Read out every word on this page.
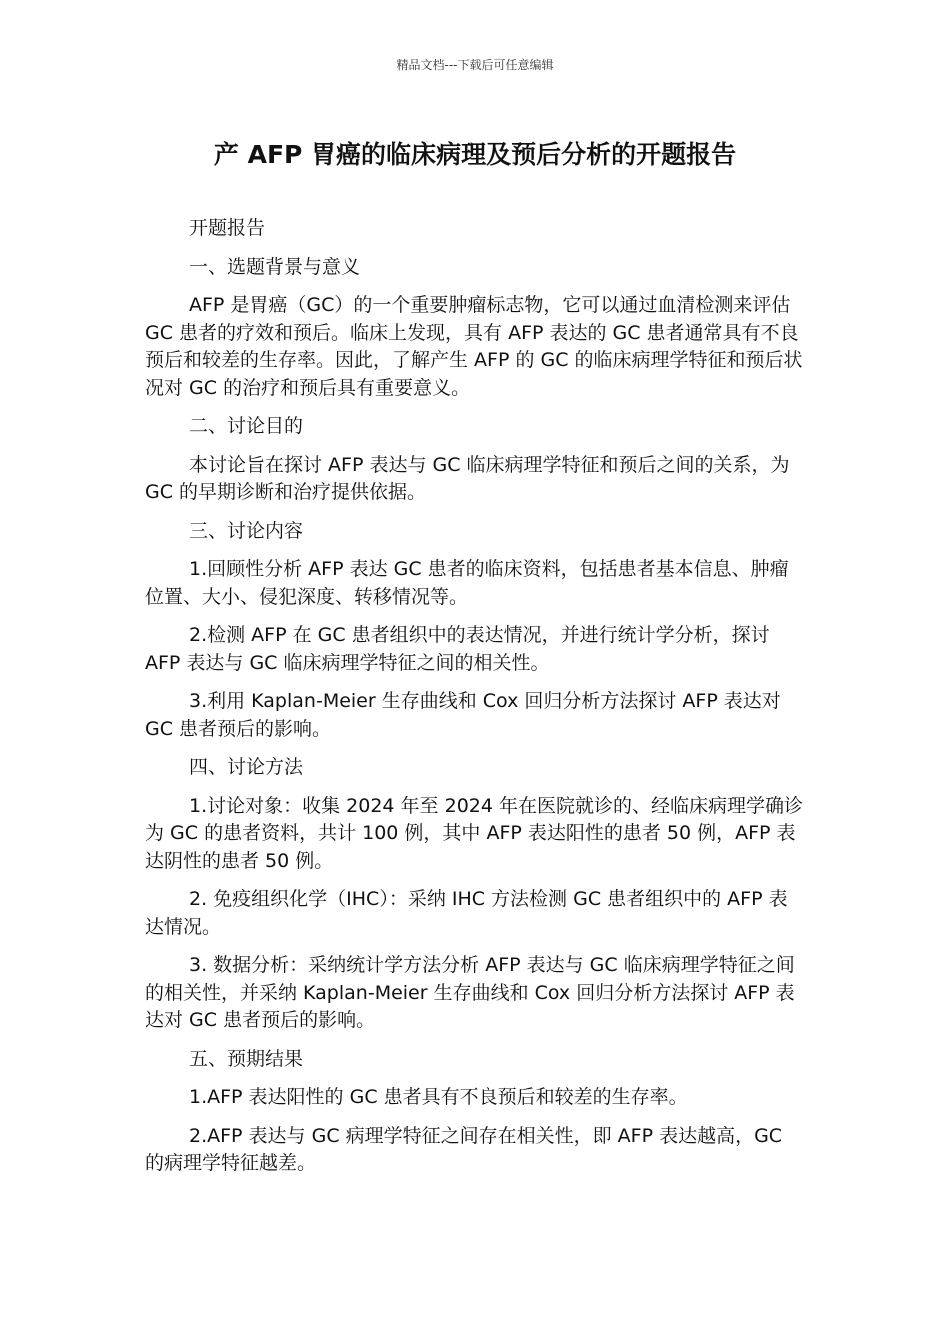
精品文档---下载后可任意编辑
产 AFP 胃癌的临床病理及预后分析的开题报告

开题报告

一、选题背景与意义

AFP 是胃癌（GC）的一个重要肿瘤标志物，它可以通过血清检测来评估 GC 患者的疗效和预后。临床上发现，具有 AFP 表达的 GC 患者通常具有不良预后和较差的生存率。因此，了解产生 AFP 的 GC 的临床病理学特征和预后状况对 GC 的治疗和预后具有重要意义。

二、讨论目的

本讨论旨在探讨 AFP 表达与 GC 临床病理学特征和预后之间的关系，为 GC 的早期诊断和治疗提供依据。

三、讨论内容

1.回顾性分析 AFP 表达 GC 患者的临床资料，包括患者基本信息、肿瘤位置、大小、侵犯深度、转移情况等。

2.检测 AFP 在 GC 患者组织中的表达情况，并进行统计学分析，探讨 AFP 表达与 GC 临床病理学特征之间的相关性。

3.利用 Kaplan-Meier 生存曲线和 Cox 回归分析方法探讨 AFP 表达对 GC 患者预后的影响。

四、讨论方法

1.讨论对象：收集 2024 年至 2024 年在医院就诊的、经临床病理学确诊为 GC 的患者资料，共计 100 例，其中 AFP 表达阳性的患者 50 例，AFP 表达阴性的患者 50 例。

2. 免疫组织化学（IHC）：采纳 IHC 方法检测 GC 患者组织中的 AFP 表达情况。

3. 数据分析：采纳统计学方法分析 AFP 表达与 GC 临床病理学特征之间的相关性，并采纳 Kaplan-Meier 生存曲线和 Cox 回归分析方法探讨 AFP 表达对 GC 患者预后的影响。

五、预期结果

1.AFP 表达阳性的 GC 患者具有不良预后和较差的生存率。

2.AFP 表达与 GC 病理学特征之间存在相关性，即 AFP 表达越高，GC 的病理学特征越差。
